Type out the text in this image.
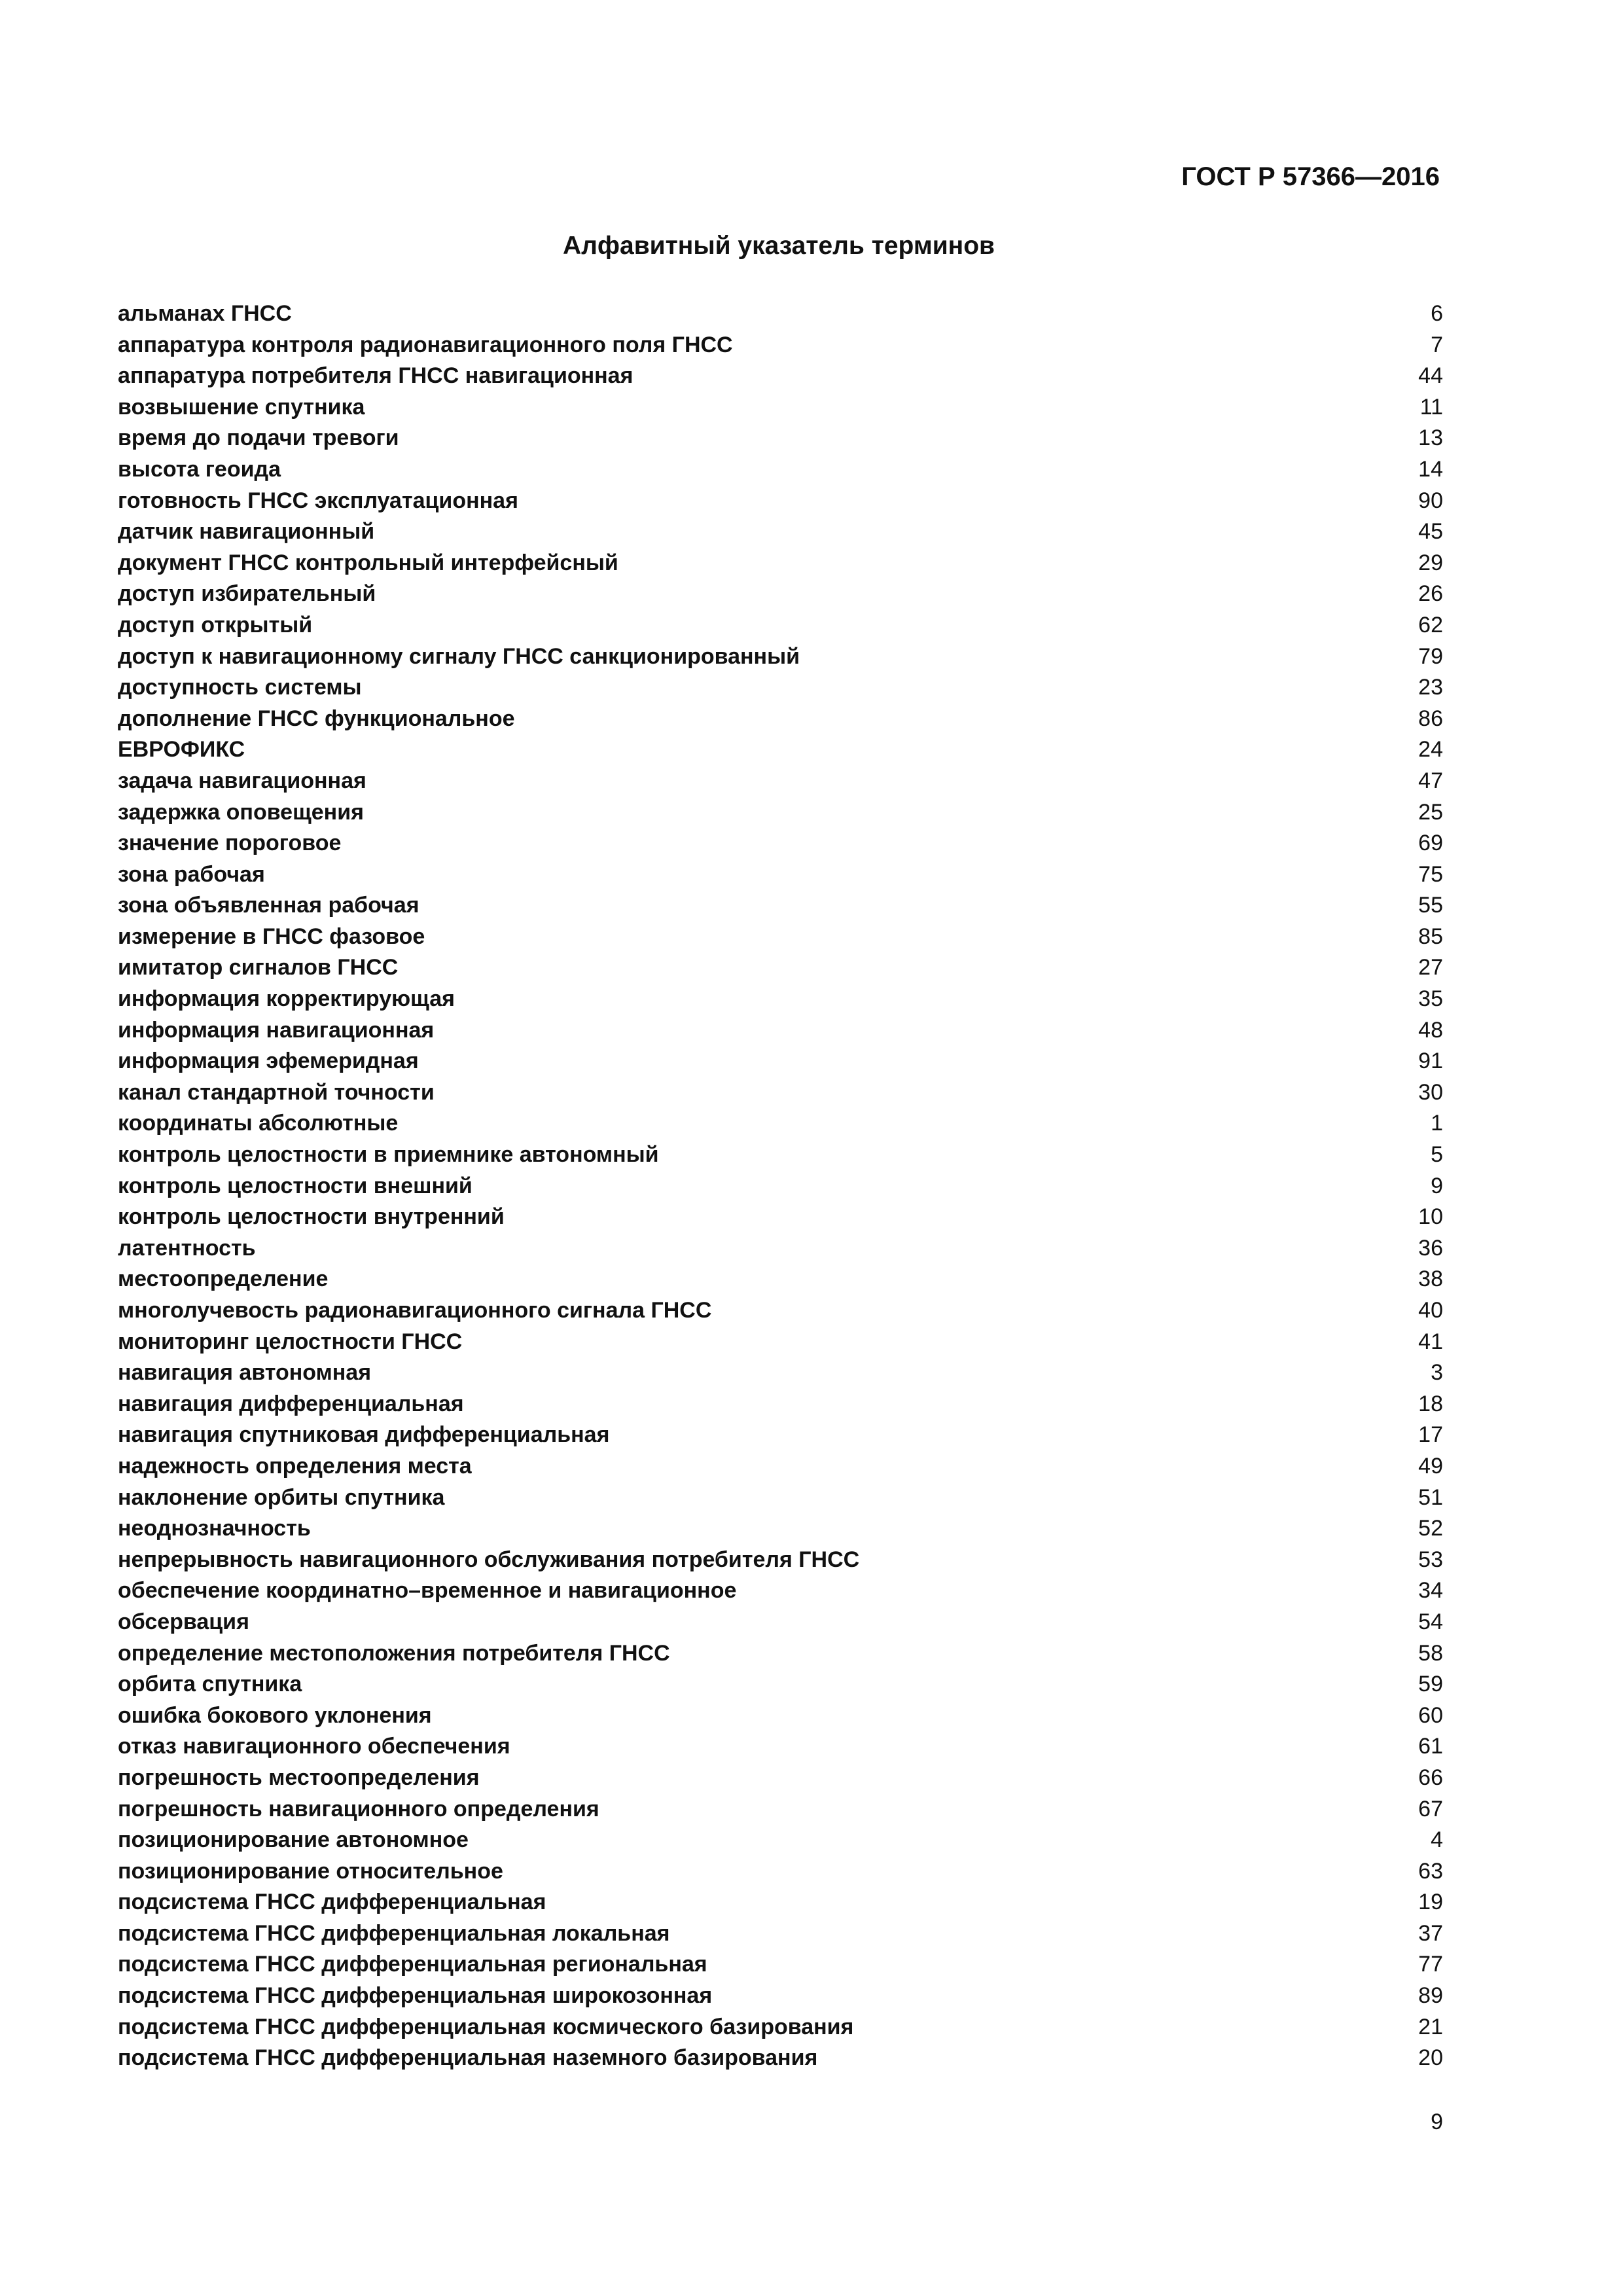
ГОСТ Р 57366—2016
Алфавитный указатель терминов
альманах ГНСС	6
аппаратура контроля радионавигационного поля ГНСС	7
аппаратура потребителя ГНСС навигационная	44
возвышение спутника	11
время до подачи тревоги	13
высота геоида	14
готовность ГНСС эксплуатационная	90
датчик навигационный	45
документ ГНСС контрольный интерфейсный	29
доступ избирательный	26
доступ открытый	62
доступ к навигационному сигналу ГНСС санкционированный	79
доступность системы	23
дополнение ГНСС функциональное	86
ЕВРОФИКС	24
задача навигационная	47
задержка оповещения	25
значение пороговое	69
зона рабочая	75
зона объявленная рабочая	55
измерение в ГНСС фазовое	85
имитатор сигналов ГНСС	27
информация корректирующая	35
информация навигационная	48
информация эфемеридная	91
канал стандартной точности	30
координаты абсолютные	1
контроль целостности в приемнике автономный	5
контроль целостности внешний	9
контроль целостности внутренний	10
латентность	36
местоопределение	38
многолучевость радионавигационного сигнала ГНСС	40
мониторинг целостности ГНСС	41
навигация автономная	3
навигация дифференциальная	18
навигация спутниковая дифференциальная	17
надежность определения места	49
наклонение орбиты спутника	51
неоднозначность	52
непрерывность навигационного обслуживания потребителя ГНСС	53
обеспечение координатно–временное и навигационное	34
обсервация	54
определение местоположения потребителя ГНСС	58
орбита спутника	59
ошибка бокового уклонения	60
отказ навигационного обеспечения	61
погрешность местоопределения	66
погрешность навигационного определения	67
позиционирование автономное	4
позиционирование относительное	63
подсистема ГНСС дифференциальная	19
подсистема ГНСС дифференциальная локальная	37
подсистема ГНСС дифференциальная региональная	77
подсистема ГНСС дифференциальная широкозонная	89
подсистема ГНСС дифференциальная космического базирования	21
подсистема ГНСС дифференциальная наземного базирования	20
9
